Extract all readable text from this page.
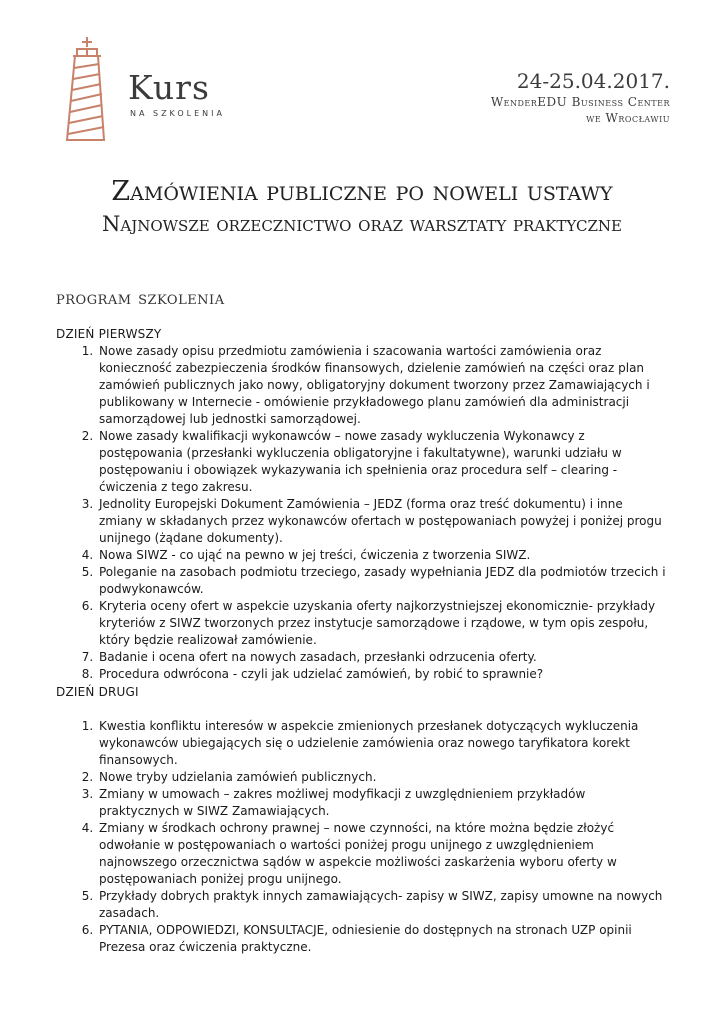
Kurs
NA SZKOLENIA
24-25.04.2017.
WenderEDU Business Center
we Wrocławiu
Zamówienia publiczne po noweli ustawy
Najnowsze orzecznictwo oraz warsztaty praktyczne
program szkolenia
DZIEŃ PIERWSZY
1. Nowe zasady opisu przedmiotu zamówienia i szacowania wartości zamówienia oraz konieczność zabezpieczenia środków finansowych, dzielenie zamówień na części oraz plan zamówień publicznych jako nowy, obligatoryjny dokument tworzony przez Zamawiających i publikowany w Internecie - omówienie przykładowego planu zamówień dla administracji samorządowej lub jednostki samorządowej.
2. Nowe zasady kwalifikacji wykonawców – nowe zasady wykluczenia Wykonawcy z postępowania (przesłanki wykluczenia obligatoryjne i fakultatywne), warunki udziału w postępowaniu i obowiązek wykazywania ich spełnienia oraz procedura self – clearing - ćwiczenia z tego zakresu.
3. Jednolity Europejski Dokument Zamówienia – JEDZ (forma oraz treść dokumentu) i inne zmiany w składanych przez wykonawców ofertach w postępowaniach powyżej i poniżej progu unijnego (żądane dokumenty).
4. Nowa SIWZ - co ująć na pewno w jej treści, ćwiczenia z tworzenia SIWZ.
5. Poleganie na zasobach podmiotu trzeciego, zasady wypełniania JEDZ dla podmiotów trzecich i podwykonawców.
6. Kryteria oceny ofert w aspekcie uzyskania oferty najkorzystniejszej ekonomicznie- przykłady kryteriów z SIWZ tworzonych przez instytucje samorządowe i rządowe, w tym opis zespołu, który będzie realizował zamówienie.
7. Badanie i ocena ofert na nowych zasadach, przesłanki odrzucenia oferty.
8. Procedura odwrócona - czyli jak udzielać zamówień, by robić to sprawnie?
DZIEŃ DRUGI
1. Kwestia konfliktu interesów w aspekcie zmienionych przesłanek dotyczących wykluczenia wykonawców ubiegających się o udzielenie zamówienia oraz nowego taryfikatora korekt finansowych.
2. Nowe tryby udzielania zamówień publicznych.
3. Zmiany w umowach – zakres możliwej modyfikacji z uwzględnieniem przykładów praktycznych w SIWZ Zamawiających.
4. Zmiany w środkach ochrony prawnej – nowe czynności, na które można będzie złożyć odwołanie w postępowaniach o wartości poniżej progu unijnego z uwzględnieniem najnowszego orzecznictwa sądów w aspekcie możliwości zaskarżenia wyboru oferty w postępowaniach poniżej progu unijnego.
5. Przykłady dobrych praktyk innych zamawiających- zapisy w SIWZ, zapisy umowne na nowych zasadach.
6. PYTANIA, ODPOWIEDZI, KONSULTACJE, odniesienie do dostępnych na stronach UZP opinii Prezesa oraz ćwiczenia praktyczne.
